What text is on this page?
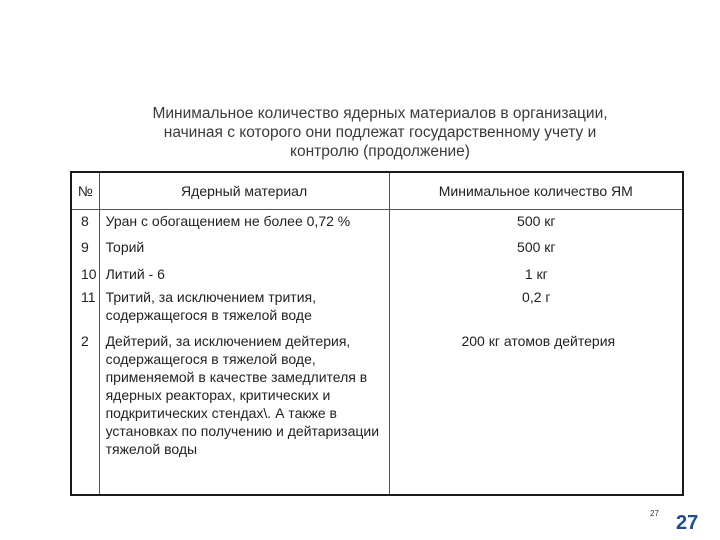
Минимальное количество ядерных материалов в организации,
начиная с которого они подлежат государственному учету и
контролю (продолжение)
№	Ядерный материал	Минимальное количество ЯМ
8	Уран с обогащением не более 0,72 %	500 кг
9	Торий	500 кг
10	Литий - 6	1 кг
11	Тритий, за исключением трития, содержащегося в тяжелой воде	0,2 г
2	Дейтерий, за исключением дейтерия, содержащегося в тяжелой воде, применяемой в качестве замедлителя в ядерных реакторах, критических и подкритических стендах\. А также в установках по получению и дейтаризации тяжелой воды	200 кг атомов дейтерия
27 27
